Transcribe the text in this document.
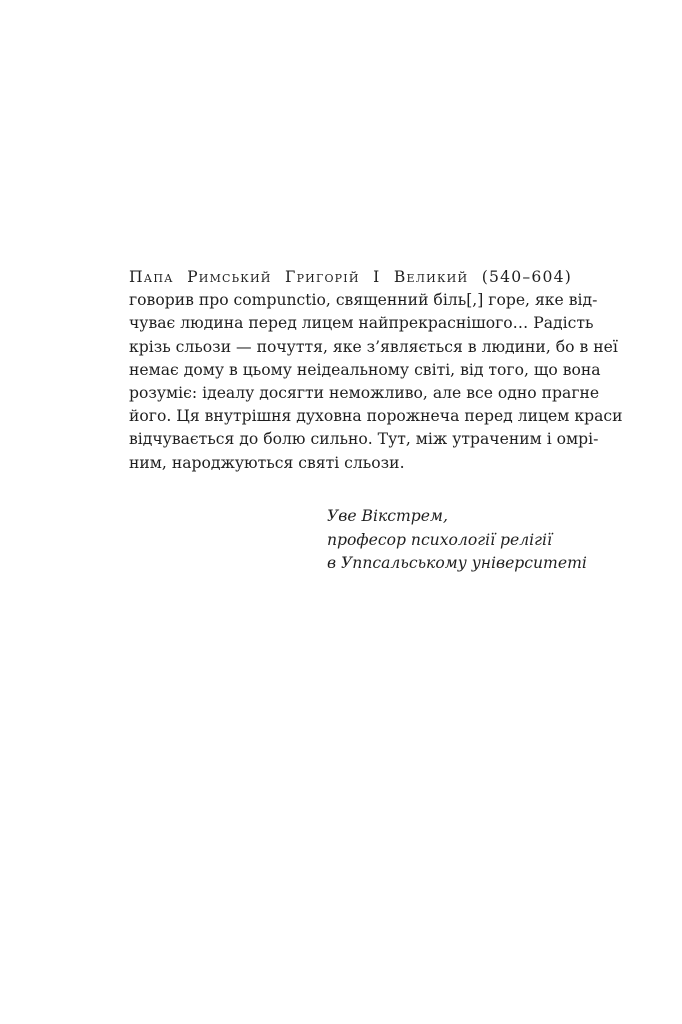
Папа Римський Григорій I Великий (540–604)
говорив про compunctio, священний біль[,] горе, яке від-
чуває людина перед лицем найпрекраснішого… Радість
крізь сльози — почуття, яке з’являється в людини, бо в неї
немає дому в цьому неідеальному світі, від того, що вона
розуміє: ідеалу досягти неможливо, але все одно прагне
його. Ця внутрішня духовна порожнеча перед лицем краси
відчувається до болю сильно. Тут, між утраченим і омрі-
ним, народжуються святі сльози.

Уве Вікстрем,
професор психології релігії
в Уппсальському університеті
